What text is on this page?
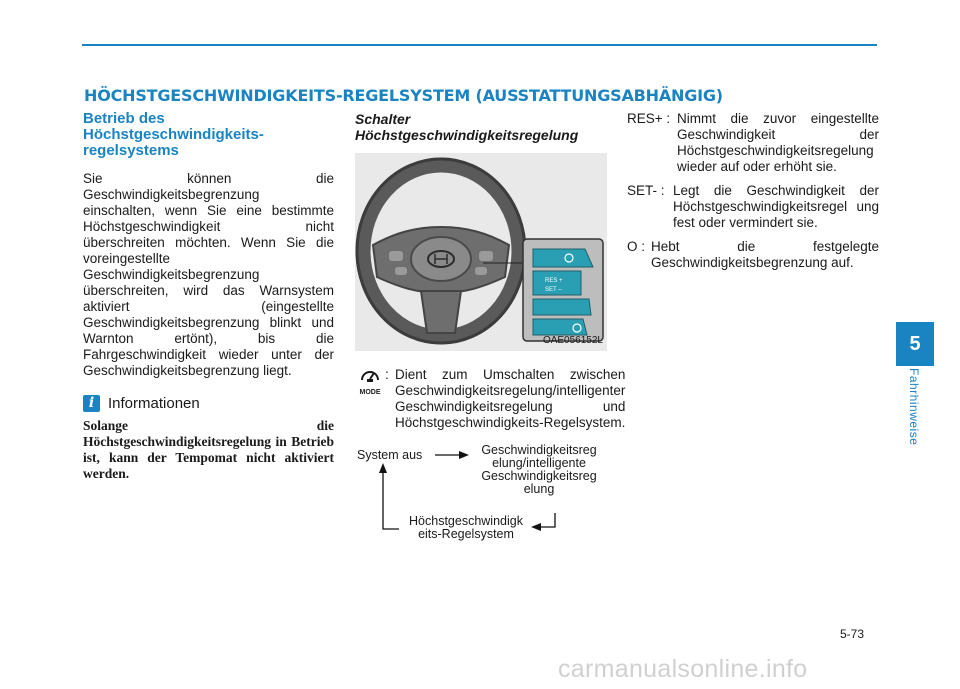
HÖCHSTGESCHWINDIGKEITS-REGELSYSTEM (AUSSTATTUNGSABHÄNGIG)
Betrieb des
Höchstgeschwindigkeits-
regelsystems
Sie können die Geschwindigkeitsbegrenzung einschalten, wenn Sie eine bestimmte Höchstgeschwindigkeit nicht überschreiten möchten. Wenn Sie die voreingestellte Geschwindigkeitsbegrenzung überschreiten, wird das Warnsystem aktiviert (eingestellte Geschwindigkeitsbegrenzung blinkt und Warnton ertönt), bis die Fahrgeschwindigkeit wieder unter der Geschwindigkeitsbegrenzung liegt.
i Informationen
Solange die Höchstgeschwindigkeitsregelung in Betrieb ist, kann der Tempomat nicht aktiviert werden.
Schalter
Höchstgeschwindigkeitsregelung
RES +
SET –
OAE056152L
MODE
: Dient zum Umschalten zwischen Geschwindigkeitsregelung/intelligenter Geschwindigkeitsregelung und Höchstgeschwindigkeits-Regelsystem.
System aus	Geschwindigkeitsreg
elung/intelligente
Geschwindigkeitsreg
elung
Höchstgeschwindigk
eits-Regelsystem
RES+ : Nimmt die zuvor eingestellte Geschwindigkeit der Höchstgeschwindigkeitsregelung wieder auf oder erhöht sie.
SET- : Legt die Geschwindigkeit der Höchstgeschwindigkeitsregel ung fest oder vermindert sie.
O : Hebt die festgelegte Geschwindigkeitsbegrenzung auf.
5
Fahrhinweise
5-73
carmanualsonline.info
